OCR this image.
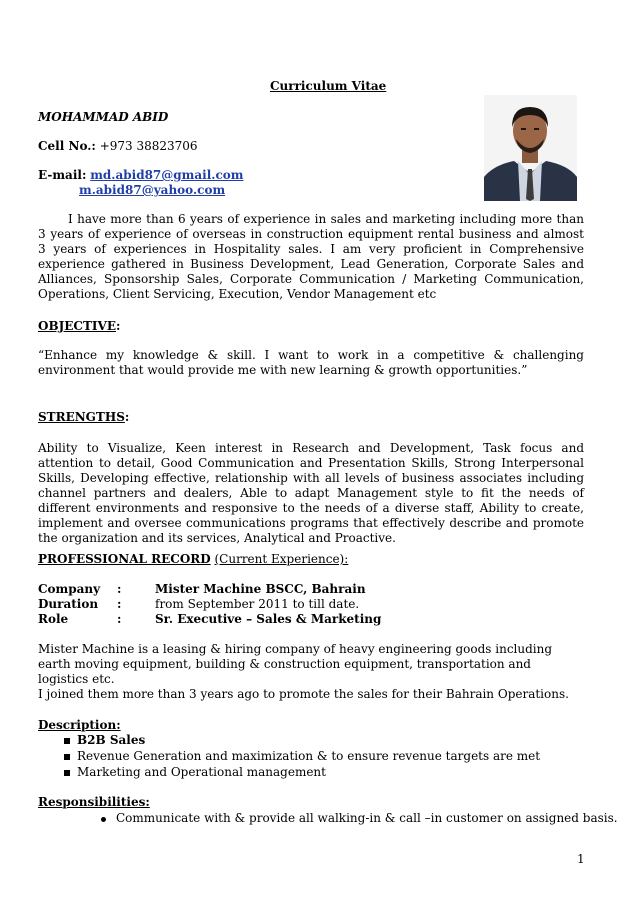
Curriculum Vitae
MOHAMMAD ABID
Cell No.: +973 38823706
E-mail: md.abid87@gmail.com
m.abid87@yahoo.com
I have more than 6 years of experience in sales and marketing including more than 3 years of experience of overseas in construction equipment rental business and almost 3 years of experiences in Hospitality sales. I am very proficient in Comprehensive experience gathered in Business Development, Lead Generation, Corporate Sales and Alliances, Sponsorship Sales, Corporate Communication / Marketing Communication, Operations, Client Servicing, Execution, Vendor Management etc
OBJECTIVE:
“Enhance my knowledge & skill. I want to work in a competitive & challenging environment that would provide me with new learning & growth opportunities.”
STRENGTHS:
Ability to Visualize, Keen interest in Research and Development, Task focus and attention to detail, Good Communication and Presentation Skills, Strong Interpersonal Skills, Developing effective, relationship with all levels of business associates including channel partners and dealers, Able to adapt Management style to fit the needs of different environments and responsive to the needs of a diverse staff, Ability to create, implement and oversee communications programs that effectively describe and promote the organization and its services, Analytical and Proactive.
PROFESSIONAL RECORD (Current Experience):
Company :	Mister Machine BSCC, Bahrain
Duration :	from September 2011 to till date.
Role	:	Sr. Executive – Sales & Marketing
Mister Machine is a leasing & hiring company of heavy engineering goods including earth moving equipment, building & construction equipment, transportation and logistics etc.
I joined them more than 3 years ago to promote the sales for their Bahrain Operations.
Description:
B2B Sales
Revenue Generation and maximization & to ensure revenue targets are met
Marketing and Operational management
Responsibilities:
Communicate with & provide all walking-in & call –in customer on assigned basis.
1
